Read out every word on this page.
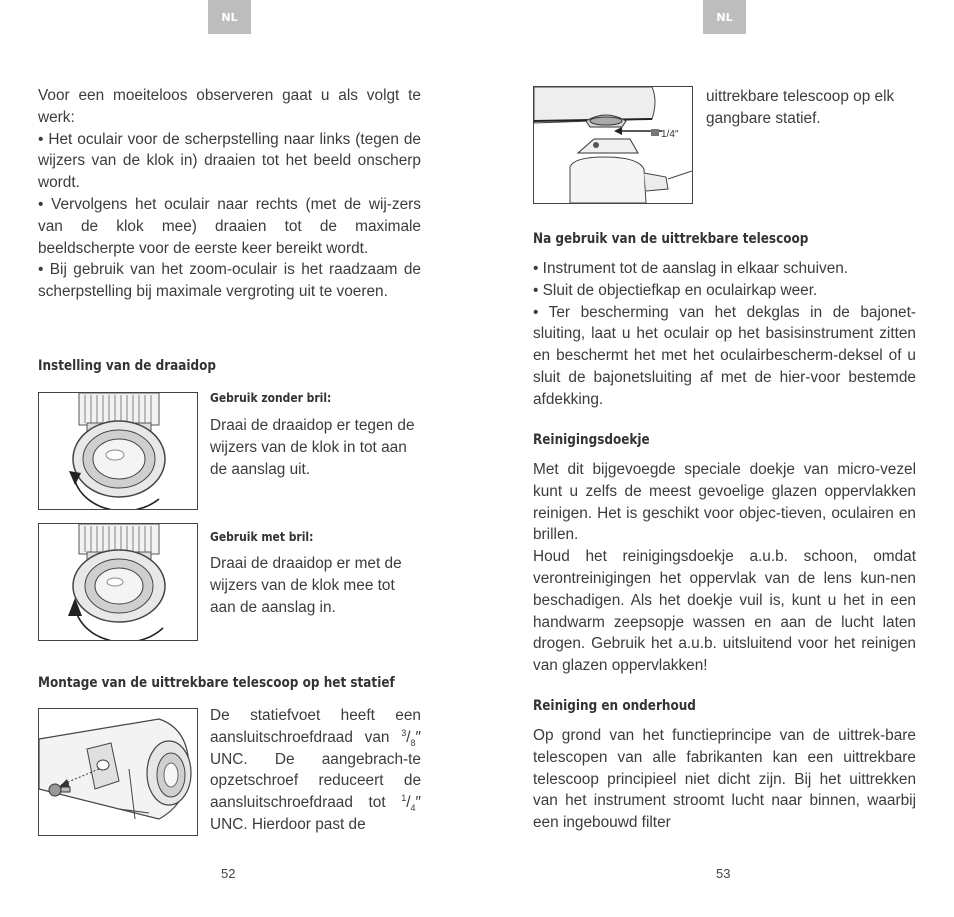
NL	NL

Voor een moeiteloos observeren gaat u als volgt te werk:

• Het oculair voor de scherpstelling naar links (tegen de wijzers van de klok in) draaien tot het beeld onscherp wordt.

• Vervolgens het oculair naar rechts (met de wij-zers van de klok mee) draaien tot de maximale beeldscherpte voor de eerste keer bereikt wordt.

• Bij gebruik van het zoom-oculair is het raadzaam de scherpstelling bij maximale vergroting uit te voeren.

Instelling van de draaidop
Gebruik zonder bril:
Draai de draaidop er tegen de wijzers van de klok in tot aan de aanslag uit.
Gebruik met bril:
Draai de draaidop er met de wijzers van de klok mee tot aan de aanslag in.
Montage van de uittrekbare telescoop op het statief
De statiefvoet heeft een aansluitschroefdraad van $^3/_8''$ UNC. De aangebrach-te opzetschroef reduceert de aansluitschroefdraad tot $^1/_4''$ UNC. Hierdoor past de
52
1/4″
uittrekbare telescoop op elk gangbare statief.
Na gebruik van de uittrekbare telescoop

• Instrument tot de aanslag in elkaar schuiven.

• Sluit de objectiefkap en oculairkap weer.

• Ter bescherming van het dekglas in de bajonet-sluiting, laat u het oculair op het basisinstrument zitten en beschermt het met het oculairbescherm-deksel of u sluit de bajonetsluiting af met de hier-voor bestemde afdekking.

Reinigingsdoekje

Met dit bijgevoegde speciale doekje van micro-vezel kunt u zelfs de meest gevoelige glazen oppervlakken reinigen. Het is geschikt voor objec-tieven, oculairen en brillen.

Houd het reinigingsdoekje a.u.b. schoon, omdat verontreinigingen het oppervlak van de lens kun-nen beschadigen. Als het doekje vuil is, kunt u het in een handwarm zeepsopje wassen en aan de lucht laten drogen. Gebruik het a.u.b. uitsluitend voor het reinigen van glazen oppervlakken!

Reiniging en onderhoud
Op grond van het functieprincipe van de uittrek-bare telescopen van alle fabrikanten kan een uittrekbare telescoop principieel niet dicht zijn. Bij het uittrekken van het instrument stroomt lucht naar binnen, waarbij een ingebouwd filter
53
